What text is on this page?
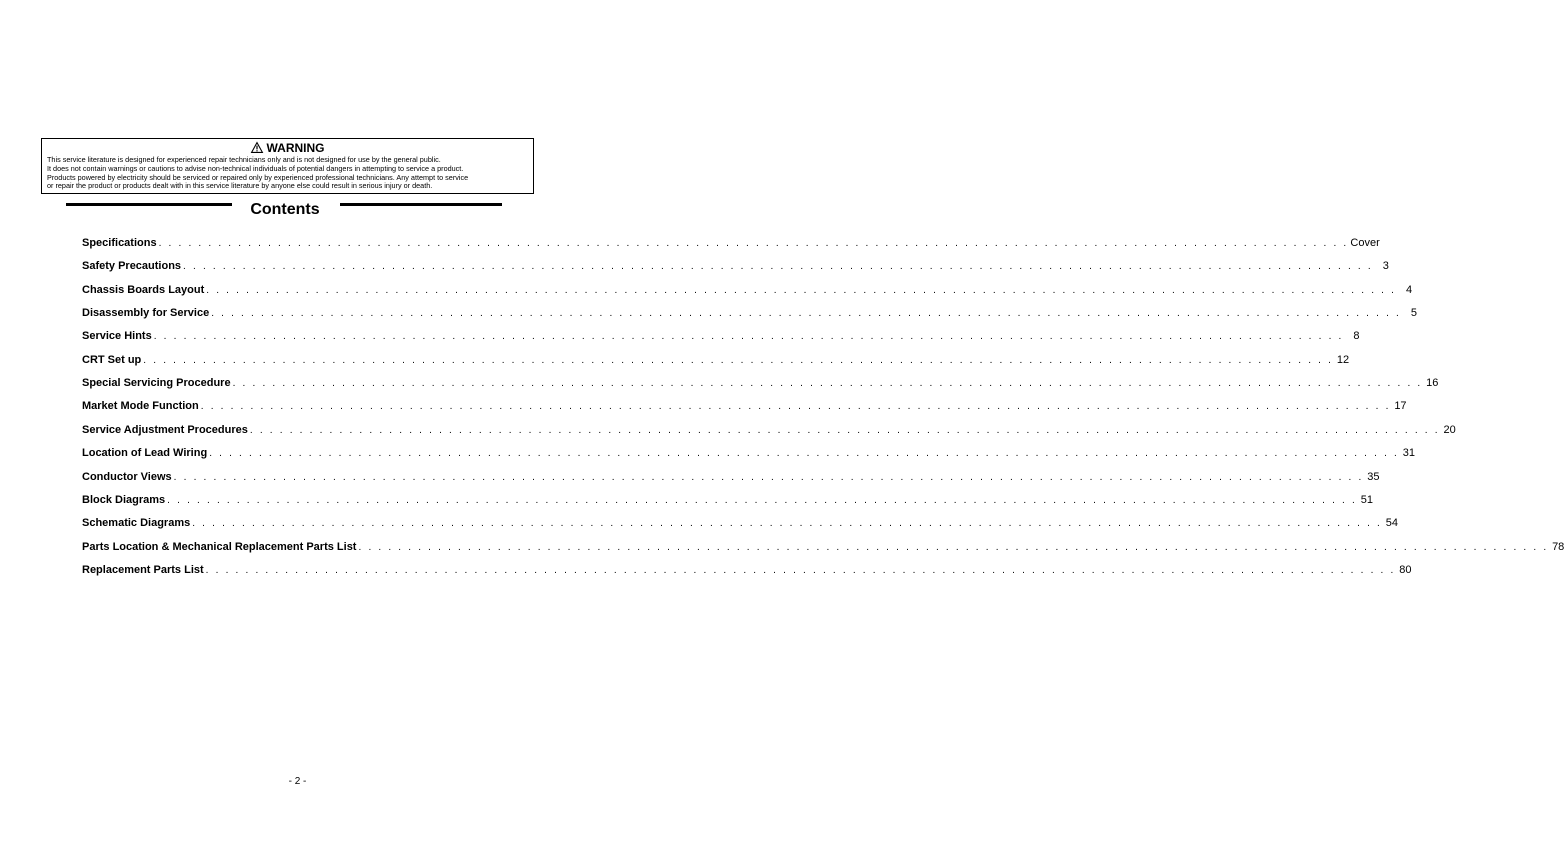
WARNING
This service literature is designed for experienced repair technicians only and is not designed for use by the general public.
It does not contain warnings or cautions to advise non-technical individuals of potential dangers in attempting to service a product.
Products powered by electricity should be serviced or repaired only by experienced professional technicians. Any attempt to service
or repair the product or products dealt with in this service literature by anyone else could result in serious injury or death.
Contents
Specifications . . . . . . . . . . . . . . . . . . . . . . . . . . . . . . . . . . . . . . . . . . . . . . . . . . . . . . . . . . . . . . . . . . . . . . . . . . . . . . . . . . . . . . . . . . . . . . . . . . . . . . . . . . . . . . . . . . . . . . . . Cover
Safety Precautions . . . . . . . . . . . . . . . . . . . . . . . . . . . . . . . . . . . . . . . . . . . . . . . . . . . . . . . . . . . . . . . . . . . . . . . . . . . . . . . . . . . . . . . . . . . . . . . . . . . . . . . . . . . . . . . . . . . . . . . . 3
Chassis Boards Layout . . . . . . . . . . . . . . . . . . . . . . . . . . . . . . . . . . . . . . . . . . . . . . . . . . . . . . . . . . . . . . . . . . . . . . . . . . . . . . . . . . . . . . . . . . . . . . . . . . . . . . . . . . . . . . . . . . . . . . . . 4
Disassembly for Service . . . . . . . . . . . . . . . . . . . . . . . . . . . . . . . . . . . . . . . . . . . . . . . . . . . . . . . . . . . . . . . . . . . . . . . . . . . . . . . . . . . . . . . . . . . . . . . . . . . . . . . . . . . . . . . . . . . . . . . . 5
Service Hints . . . . . . . . . . . . . . . . . . . . . . . . . . . . . . . . . . . . . . . . . . . . . . . . . . . . . . . . . . . . . . . . . . . . . . . . . . . . . . . . . . . . . . . . . . . . . . . . . . . . . . . . . . . . . . . . . . . . . . . . 8
CRT Set up . . . . . . . . . . . . . . . . . . . . . . . . . . . . . . . . . . . . . . . . . . . . . . . . . . . . . . . . . . . . . . . . . . . . . . . . . . . . . . . . . . . . . . . . . . . . . . . . . . . . . . . . . . . . . . . . . . . . . . . . 12
Special Servicing Procedure . . . . . . . . . . . . . . . . . . . . . . . . . . . . . . . . . . . . . . . . . . . . . . . . . . . . . . . . . . . . . . . . . . . . . . . . . . . . . . . . . . . . . . . . . . . . . . . . . . . . . . . . . . . . . . . . . . . . . . . . 16
Market Mode Function . . . . . . . . . . . . . . . . . . . . . . . . . . . . . . . . . . . . . . . . . . . . . . . . . . . . . . . . . . . . . . . . . . . . . . . . . . . . . . . . . . . . . . . . . . . . . . . . . . . . . . . . . . . . . . . . . . . . . . . . 17
Service Adjustment Procedures . . . . . . . . . . . . . . . . . . . . . . . . . . . . . . . . . . . . . . . . . . . . . . . . . . . . . . . . . . . . . . . . . . . . . . . . . . . . . . . . . . . . . . . . . . . . . . . . . . . . . . . . . . . . . . . . . . . . . . . . 20
Location of Lead Wiring . . . . . . . . . . . . . . . . . . . . . . . . . . . . . . . . . . . . . . . . . . . . . . . . . . . . . . . . . . . . . . . . . . . . . . . . . . . . . . . . . . . . . . . . . . . . . . . . . . . . . . . . . . . . . . . . . . . . . . . . 31
Conductor Views . . . . . . . . . . . . . . . . . . . . . . . . . . . . . . . . . . . . . . . . . . . . . . . . . . . . . . . . . . . . . . . . . . . . . . . . . . . . . . . . . . . . . . . . . . . . . . . . . . . . . . . . . . . . . . . . . . . . . . . . 35
Block Diagrams . . . . . . . . . . . . . . . . . . . . . . . . . . . . . . . . . . . . . . . . . . . . . . . . . . . . . . . . . . . . . . . . . . . . . . . . . . . . . . . . . . . . . . . . . . . . . . . . . . . . . . . . . . . . . . . . . . . . . . . . 51
Schematic Diagrams . . . . . . . . . . . . . . . . . . . . . . . . . . . . . . . . . . . . . . . . . . . . . . . . . . . . . . . . . . . . . . . . . . . . . . . . . . . . . . . . . . . . . . . . . . . . . . . . . . . . . . . . . . . . . . . . . . . . . . . . 54
Parts Location & Mechanical Replacement Parts List . . . . . . . . . . . . . . . . . . . . . . . . . . . . . . . . . . . . . . . . . . . . . . . . . . . . . . . . . . . . . . . . . . . . . . . . . . . . . . . . . . . . . . . . . . . . . . . . . . . . . . . . . . . . . . . . . . . . . . . . 78
Replacement Parts List . . . . . . . . . . . . . . . . . . . . . . . . . . . . . . . . . . . . . . . . . . . . . . . . . . . . . . . . . . . . . . . . . . . . . . . . . . . . . . . . . . . . . . . . . . . . . . . . . . . . . . . . . . . . . . . . . . . . . . . . 80
- 2 -
